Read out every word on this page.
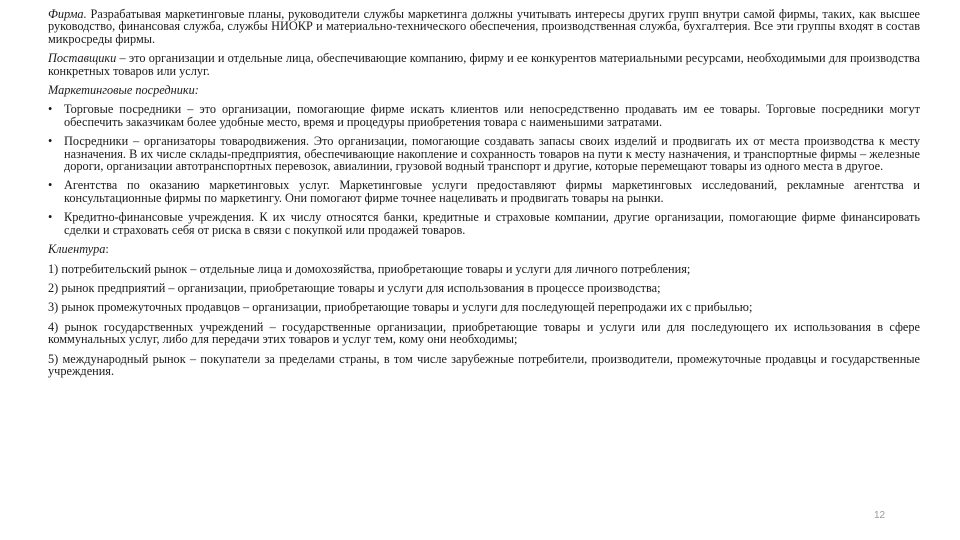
Фирма. Разрабатывая маркетинговые планы, руководители службы маркетинга должны учитывать интересы других групп внутри самой фирмы, таких, как высшее руководство, финансовая служба, службы НИОКР и материально-технического обеспечения, производственная служба, бухгалтерия. Все эти группы входят в состав микросреды фирмы.

Поставщики – это организации и отдельные лица, обеспечивающие компанию, фирму и ее конкурентов материальными ресурсами, необходимыми для производства конкретных товаров или услуг.

Маркетинговые посредники:

• Торговые посредники – это организации, помогающие фирме искать клиентов или непосредственно продавать им ее товары. Торговые посредники могут обеспечить заказчикам более удобные место, время и процедуры приобретения товара с наименьшими затратами.
• Посредники – организаторы товародвижения. Это организации, помогающие создавать запасы своих изделий и продвигать их от места производства к месту назначения. В их числе склады-предприятия, обеспечивающие накопление и сохранность товаров на пути к месту назначения, и транспортные фирмы – железные дороги, организации автотранспортных перевозок, авиалинии, грузовой водный транспорт и другие, которые перемещают товары из одного места в другое.
• Агентства по оказанию маркетинговых услуг. Маркетинговые услуги предоставляют фирмы маркетинговых исследований, рекламные агентства и консультационные фирмы по маркетингу. Они помогают фирме точнее нацеливать и продвигать товары на рынки.
• Кредитно-финансовые учреждения. К их числу относятся банки, кредитные и страховые компании, другие организации, помогающие фирме финансировать сделки и страховать себя от риска в связи с покупкой или продажей товаров.

Клиентура:

1) потребительский рынок – отдельные лица и домохозяйства, приобретающие товары и услуги для личного потребления;

2) рынок предприятий – организации, приобретающие товары и услуги для использования в процессе производства;

3) рынок промежуточных продавцов – организации, приобретающие товары и услуги для последующей перепродажи их с прибылью;

4) рынок государственных учреждений – государственные организации, приобретающие товары и услуги или для последующего их использования в сфере коммунальных услуг, либо для передачи этих товаров и услуг тем, кому они необходимы;

5) международный рынок – покупатели за пределами страны, в том числе зарубежные потребители, производители, промежуточные продавцы и государственные учреждения.

12
